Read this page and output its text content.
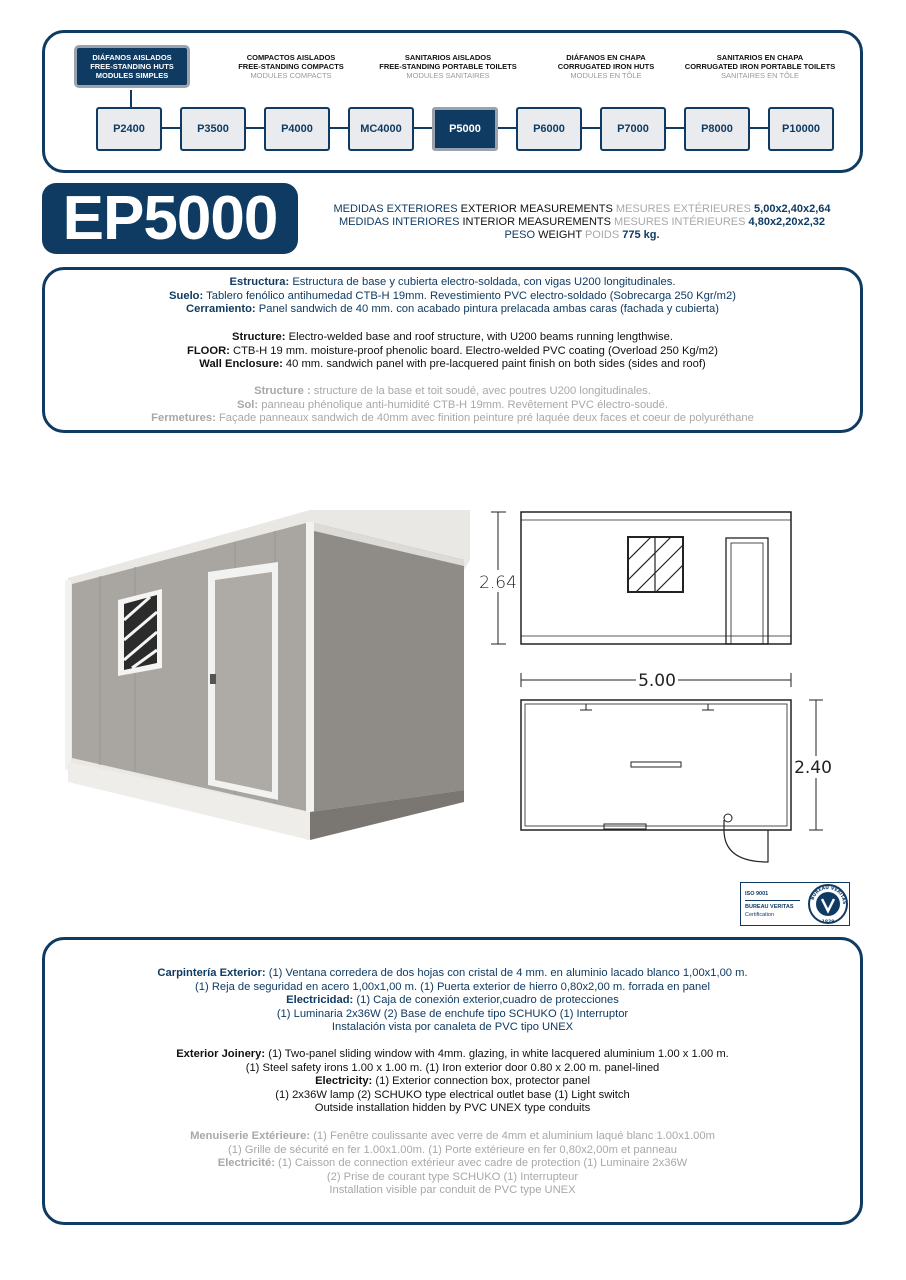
DIÁFANOS AISLADOS
FREE-STANDING HUTS
MODULES SIMPLES
COMPACTOS AISLADOS
FREE-STANDING COMPACTS
MODULES COMPACTS
SANITARIOS AISLADOS
FREE-STANDING PORTABLE TOILETS
MODULES SANITAIRES
DIÁFANOS EN CHAPA
CORRUGATED IRON HUTS
MODULES EN TÔLE
SANITARIOS EN CHAPA
CORRUGATED IRON PORTABLE TOILETS
SANITAIRES EN TÔLE
P2400	P3500	P4000	MC4000	P5000	P6000	P7000	P8000	P10000
EP5000	MEDIDAS EXTERIORES EXTERIOR MEASUREMENTS MESURES EXTÉRIEURES 5,00x2,40x2,64
MEDIDAS INTERIORES INTERIOR MEASUREMENTS MESURES INTÉRIEURES 4,80x2,20x2,32
PESO WEIGHT POIDS 775 kg.
Estructura: Estructura de base y cubierta electro-soldada, con vigas U200 longitudinales.
Suelo: Tablero fenólico antihumedad CTB-H 19mm. Revestimiento PVC electro-soldado (Sobrecarga 250 Kgr/m2)
Cerramiento: Panel sandwich de 40 mm. con acabado pintura prelacada ambas caras (fachada y cubierta)
Structure: Electro-welded base and roof structure, with U200 beams running lengthwise.
FLOOR: CTB-H 19 mm. moisture-proof phenolic board. Electro-welded PVC coating (Overload 250 Kg/m2)
Wall Enclosure: 40 mm. sandwich panel with pre-lacquered paint finish on both sides (sides and roof)
Structure : structure de la base et toit soudé, avec poutres U200 longitudinales.
Sol: panneau phénolique anti-humidité CTB-H 19mm. Revêtement PVC électro-soudé.
Fermetures: Façade panneaux sandwich de 40mm avec finition peinture pré laquée deux faces et coeur de polyuréthane
2.64
5.00
2.40
ISO 9001
BUREAU VERITAS
Certification
BUREAU VERITAS
1828
Carpintería Exterior: (1) Ventana corredera de dos hojas con cristal de 4 mm. en aluminio lacado blanco 1,00x1,00 m.
(1) Reja de seguridad en acero 1,00x1,00 m. (1) Puerta exterior de hierro 0,80x2,00 m. forrada en panel
Electricidad: (1) Caja de conexión exterior,cuadro de protecciones
(1) Luminaria 2x36W (2) Base de enchufe tipo SCHUKO (1) Interruptor
Instalación vista por canaleta de PVC tipo UNEX
Exterior Joinery: (1) Two-panel sliding window with 4mm. glazing, in white lacquered aluminium 1.00 x 1.00 m.
(1) Steel safety irons 1.00 x 1.00 m. (1) Iron exterior door 0.80 x 2.00 m. panel-lined
Electricity: (1) Exterior connection box, protector panel
(1) 2x36W lamp (2) SCHUKO type electrical outlet base (1) Light switch
Outside installation hidden by PVC UNEX type conduits
Menuiserie Extérieure: (1) Fenêtre coulissante avec verre de 4mm et aluminium laqué blanc 1.00x1.00m
(1) Grille de sécurité en fer 1.00x1.00m. (1) Porte extérieure en fer 0,80x2,00m et panneau
Electricité: (1) Caisson de connection extérieur avec cadre de protection (1) Luminaire 2x36W
(2) Prise de courant type SCHUKO (1) Interrupteur
Installation visible par conduit de PVC type UNEX
